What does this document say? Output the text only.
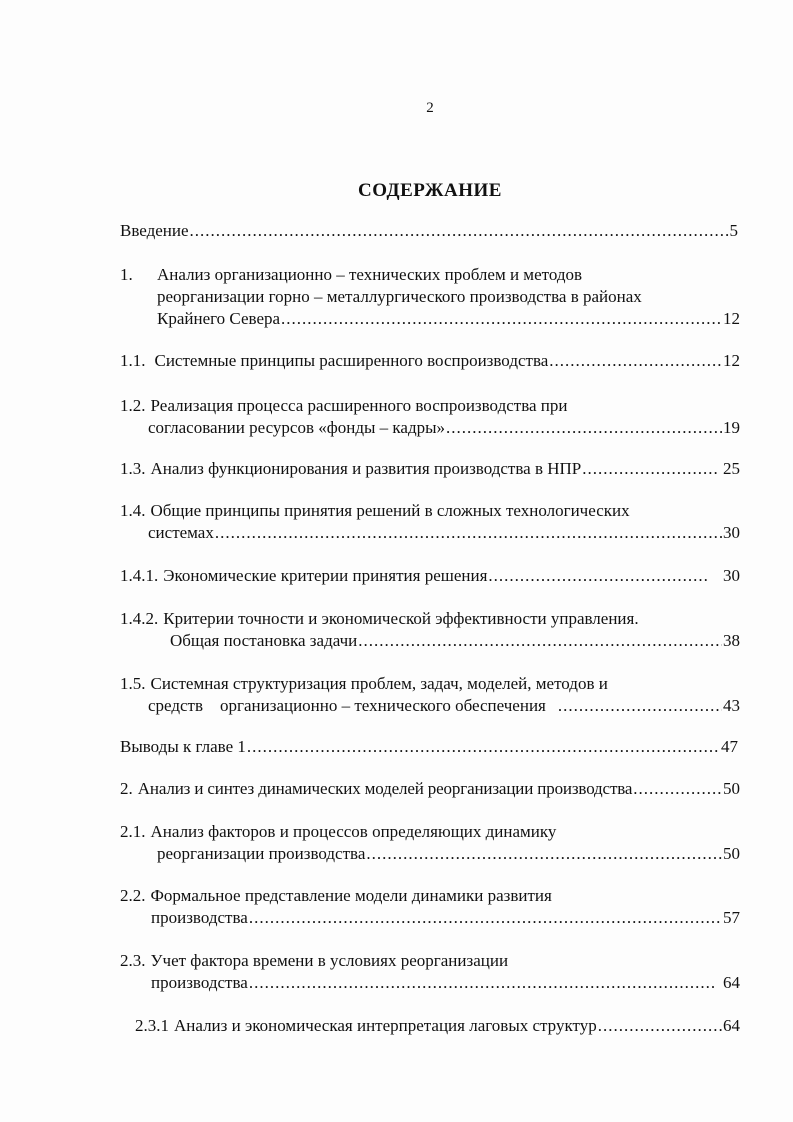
2
СОДЕРЖАНИЕ
Введение .....	5
1.	Анализ организационно – технических проблем и методов
реорганизации горно – металлургического производства в районах
Крайнего Севера .....	12
1.1. Системные принципы расширенного воспроизводства .....	12
1.2. Реализация процесса расширенного воспроизводства при
согласовании ресурсов «фонды – кадры» .....	19
1.3. Анализ функционирования и развития производства в НПР .....	25
1.4. Общие принципы принятия решений в сложных технологических
системах .....	30
1.4.1. Экономические критерии принятия решения .....	30
1.4.2. Критерии точности и экономической эффективности управления.
Общая постановка задачи .....	38
1.5. Системная структуризация проблем, задач, моделей, методов и
средств    организационно – технического обеспечения .....	43
Выводы к главе 1 .....	47
2. Анализ и синтез динамических моделей реорганизации производства .....	50
2.1. Анализ факторов и процессов определяющих динамику
реорганизации производства .....	50
2.2. Формальное представление модели динамики развития
производства .....	57
2.3. Учет фактора времени в условиях реорганизации
производства .....	64
2.3.1 Анализ и экономическая интерпретация лаговых структур .....	64
